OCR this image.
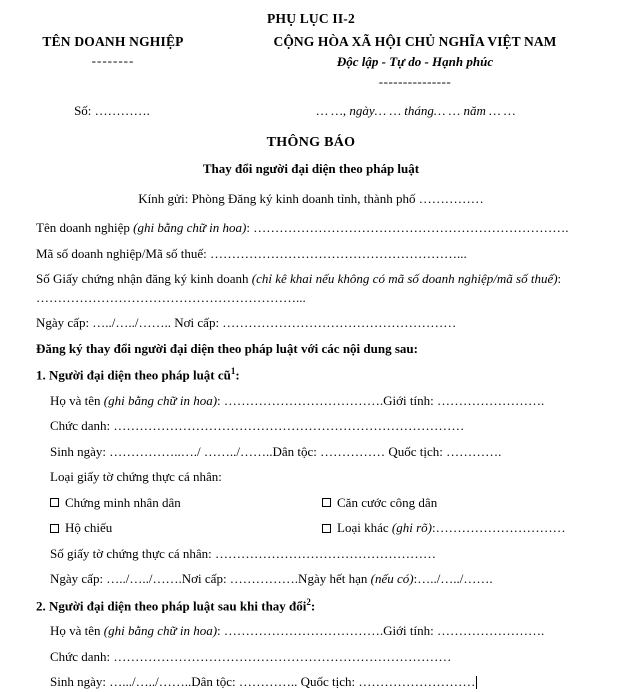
PHỤ LỤC II-2
TÊN DOANH NGHIỆP
--------
CỘNG HÒA XÃ HỘI CHỦ NGHĨA VIỆT NAM
Độc lập - Tự do - Hạnh phúc
---------------
Số: ………….	… …, ngày… … tháng… … năm … …
THÔNG BÁO
Thay đổi người đại diện theo pháp luật
Kính gửi: Phòng Đăng ký kinh doanh tỉnh, thành phố ……………
Tên doanh nghiệp (ghi bằng chữ in hoa): ……………………………………………………………….
Mã số doanh nghiệp/Mã số thuế: …………………………………………………...
Số Giấy chứng nhận đăng ký kinh doanh (chỉ kê khai nếu không có mã số doanh nghiệp/mã số thuế): ……………………………………………………...
Ngày cấp: …../…../…….. Nơi cấp: ………………………………………………
Đăng ký thay đổi người đại diện theo pháp luật với các nội dung sau:
1. Người đại diện theo pháp luật $cũ^1$:
Họ và tên (ghi bằng chữ in hoa): ……………………………….Giới tính: …………………….
Chức danh: ………………………………………………………………………
Sinh ngày: ……………..…./ ……../……..Dân tộc: …………… Quốc tịch: ………….
Loại giấy tờ chứng thực cá nhân:
Chứng minh nhân dân	Căn cước công dân
Hộ chiếu	Loại khác (ghi rõ):…………………………
Số giấy tờ chứng thực cá nhân: ……………………………………………
Ngày cấp: …../…../…….Nơi cấp: …………….Ngày hết hạn (nếu có):…../…../…….
2. Người đại diện theo pháp luật sau khi thay đổi$^2$:
Họ và tên (ghi bằng chữ in hoa): ……………………………….Giới tính: …………………….
Chức danh: ……………………………………………………………………
Sinh ngày: ….../…../……..Dân tộc: ………….. Quốc tịch: ………………………
